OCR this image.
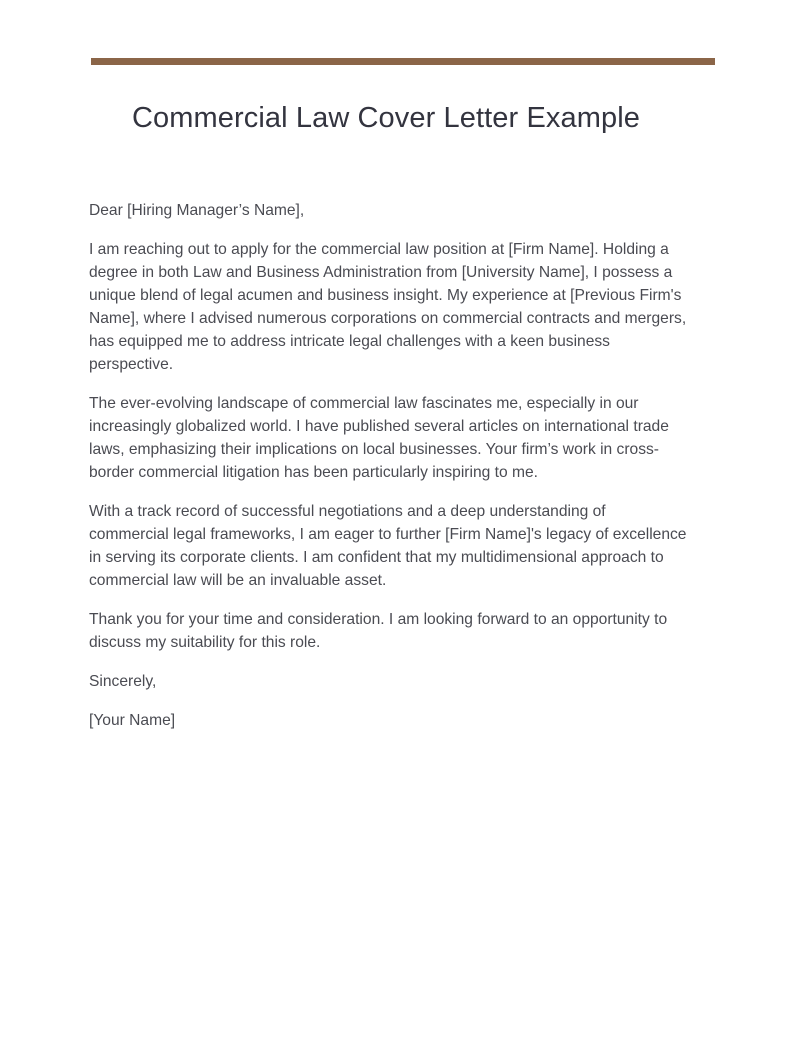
Commercial Law Cover Letter Example

Dear [Hiring Manager’s Name],

I am reaching out to apply for the commercial law position at [Firm Name]. Holding a degree in both Law and Business Administration from [University Name], I possess a unique blend of legal acumen and business insight. My experience at [Previous Firm's Name], where I advised numerous corporations on commercial contracts and mergers, has equipped me to address intricate legal challenges with a keen business perspective.

The ever-evolving landscape of commercial law fascinates me, especially in our increasingly globalized world. I have published several articles on international trade laws, emphasizing their implications on local businesses. Your firm’s work in cross-border commercial litigation has been particularly inspiring to me.

With a track record of successful negotiations and a deep understanding of commercial legal frameworks, I am eager to further [Firm Name]'s legacy of excellence in serving its corporate clients. I am confident that my multidimensional approach to commercial law will be an invaluable asset.

Thank you for your time and consideration. I am looking forward to an opportunity to discuss my suitability for this role.

Sincerely,

[Your Name]
